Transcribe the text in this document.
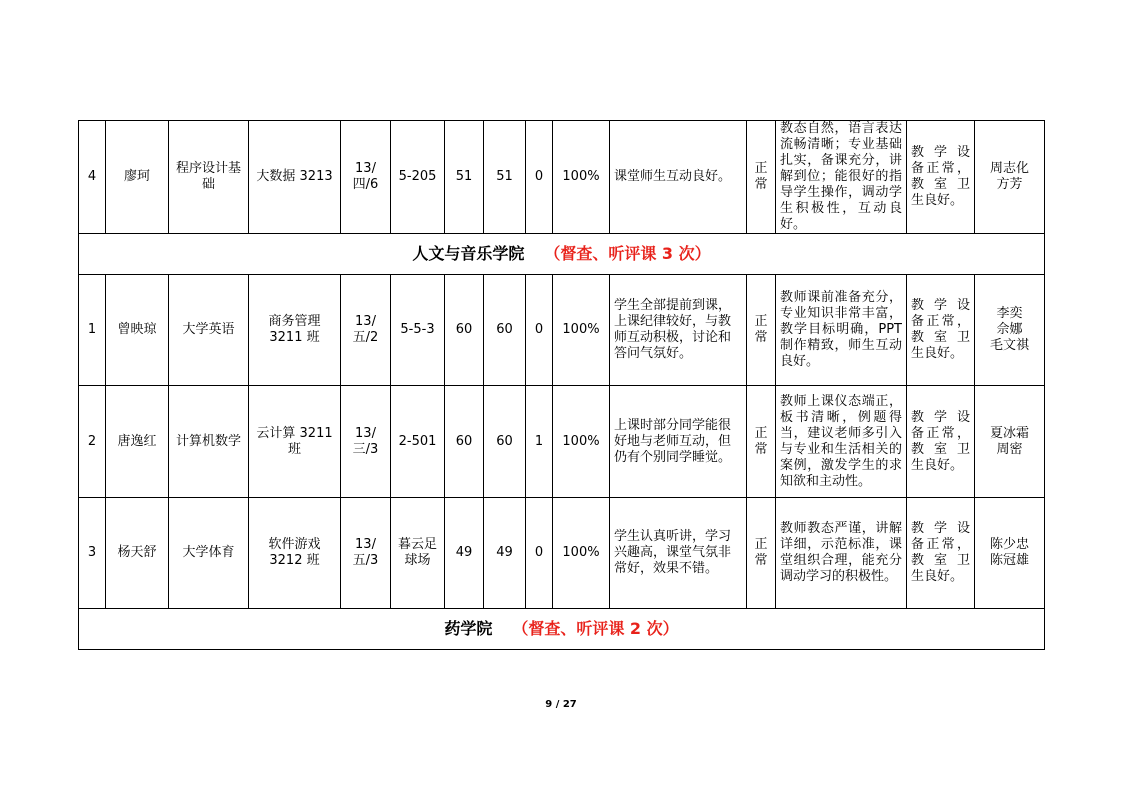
4	廖珂	程序设计基础	大数据 3213	13/四/6	5-205	51	51	0	100%	课堂师生互动良好。	正常	教态自然，语言表达流畅清晰；专业基础扎实，备课充分，讲解到位；能很好的指导学生操作，调动学生积极性，互动良好。	教 学 设 备正常，教 室 卫生良好。	周志化
方芳
人文与音乐学院 （督查、听评课 3 次）														
1	曾映琼	大学英语	商务管理3211 班	13/五/2	5-5-3	60	60	0	100%	学生全部提前到课，上课纪律较好，与教师互动积极，讨论和答问气氛好。	正常	教师课前准备充分，专业知识非常丰富，教学目标明确，PPT 制作精致，师生互动良好。	教 学 设 备正常，教 室 卫生良好。	李奕
佘娜
毛文祺
2	唐逸红	计算机数学	云计算 3211 班	13/三/3	2-501	60	60	1	100%	上课时部分同学能很好地与老师互动，但仍有个别同学睡觉。	正常	教师上课仪态端正，板书清晰，例题得当，建议老师多引入与专业和生活相关的案例，激发学生的求知欲和主动性。	教 学 设 备正常，教 室 卫生良好。	夏冰霜
周密
3	杨天舒	大学体育	软件游戏3212 班	13/五/3	暮云足球场	49	49	0	100%	学生认真听讲，学习兴趣高，课堂气氛非常好，效果不错。	正常	教师教态严谨，讲解详细，示范标准，课堂组织合理，能充分调动学习的积极性。	教 学 设 备正常，教 室 卫生良好。	陈少忠
陈冠雄
药学院 （督查、听评课 2 次）														
9 / 27
